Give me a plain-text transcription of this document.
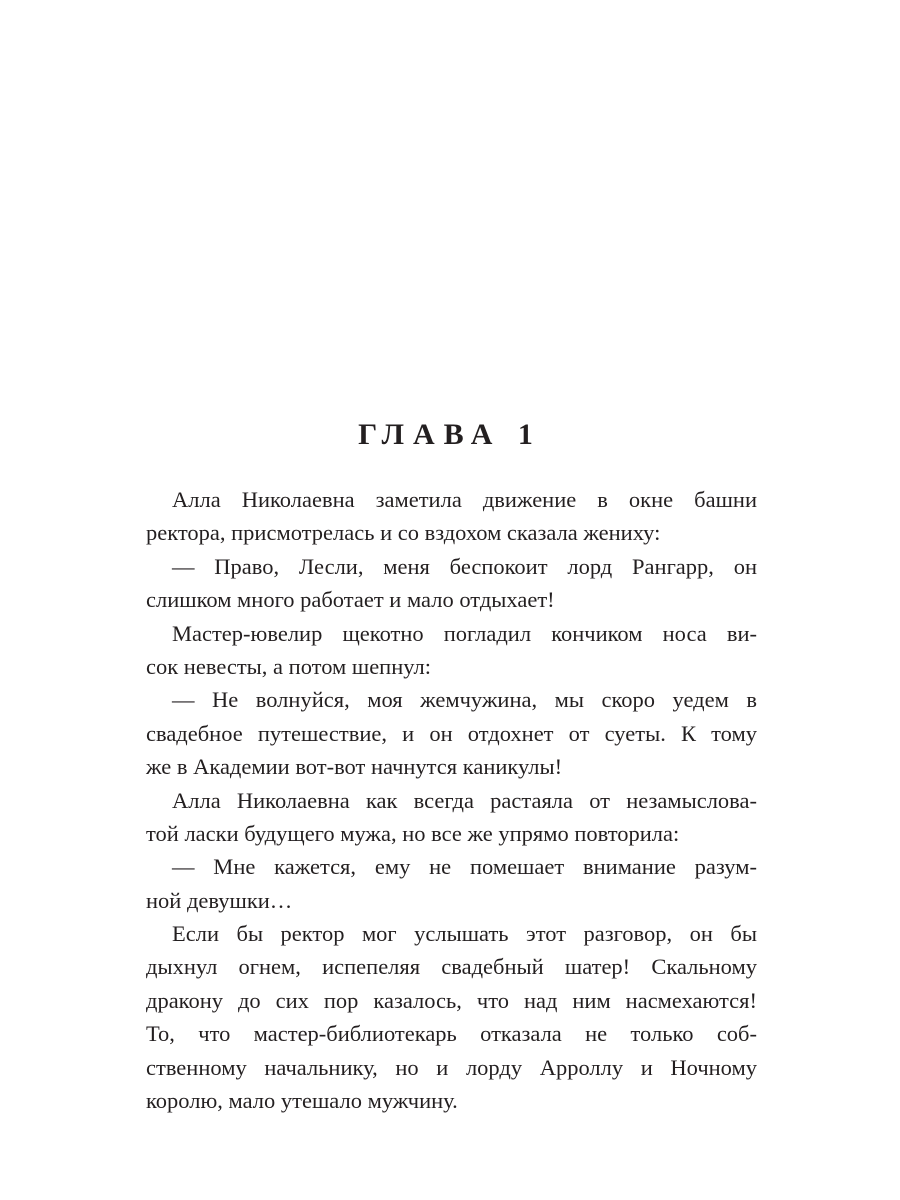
ГЛАВА 1
Алла Николаевна заметила движение в окне башни
ректора, присмотрелась и со вздохом сказала жениху:
— Право, Лесли, меня беспокоит лорд Рангарр, он
слишком много работает и мало отдыхает!
Мастер-ювелир щекотно погладил кончиком носа ви-
сок невесты, а потом шепнул:
— Не волнуйся, моя жемчужина, мы скоро уедем в
свадебное путешествие, и он отдохнет от суеты. К тому
же в Академии вот-вот начнутся каникулы!
Алла Николаевна как всегда растаяла от незамыслова-
той ласки будущего мужа, но все же упрямо повторила:
— Мне кажется, ему не помешает внимание разум-
ной девушки…
Если бы ректор мог услышать этот разговор, он бы
дыхнул огнем, испепеляя свадебный шатер! Скальному
дракону до сих пор казалось, что над ним насмехаются!
То, что мастер-библиотекарь отказала не только соб-
ственному начальнику, но и лорду Арроллу и Ночному
королю, мало утешало мужчину.
